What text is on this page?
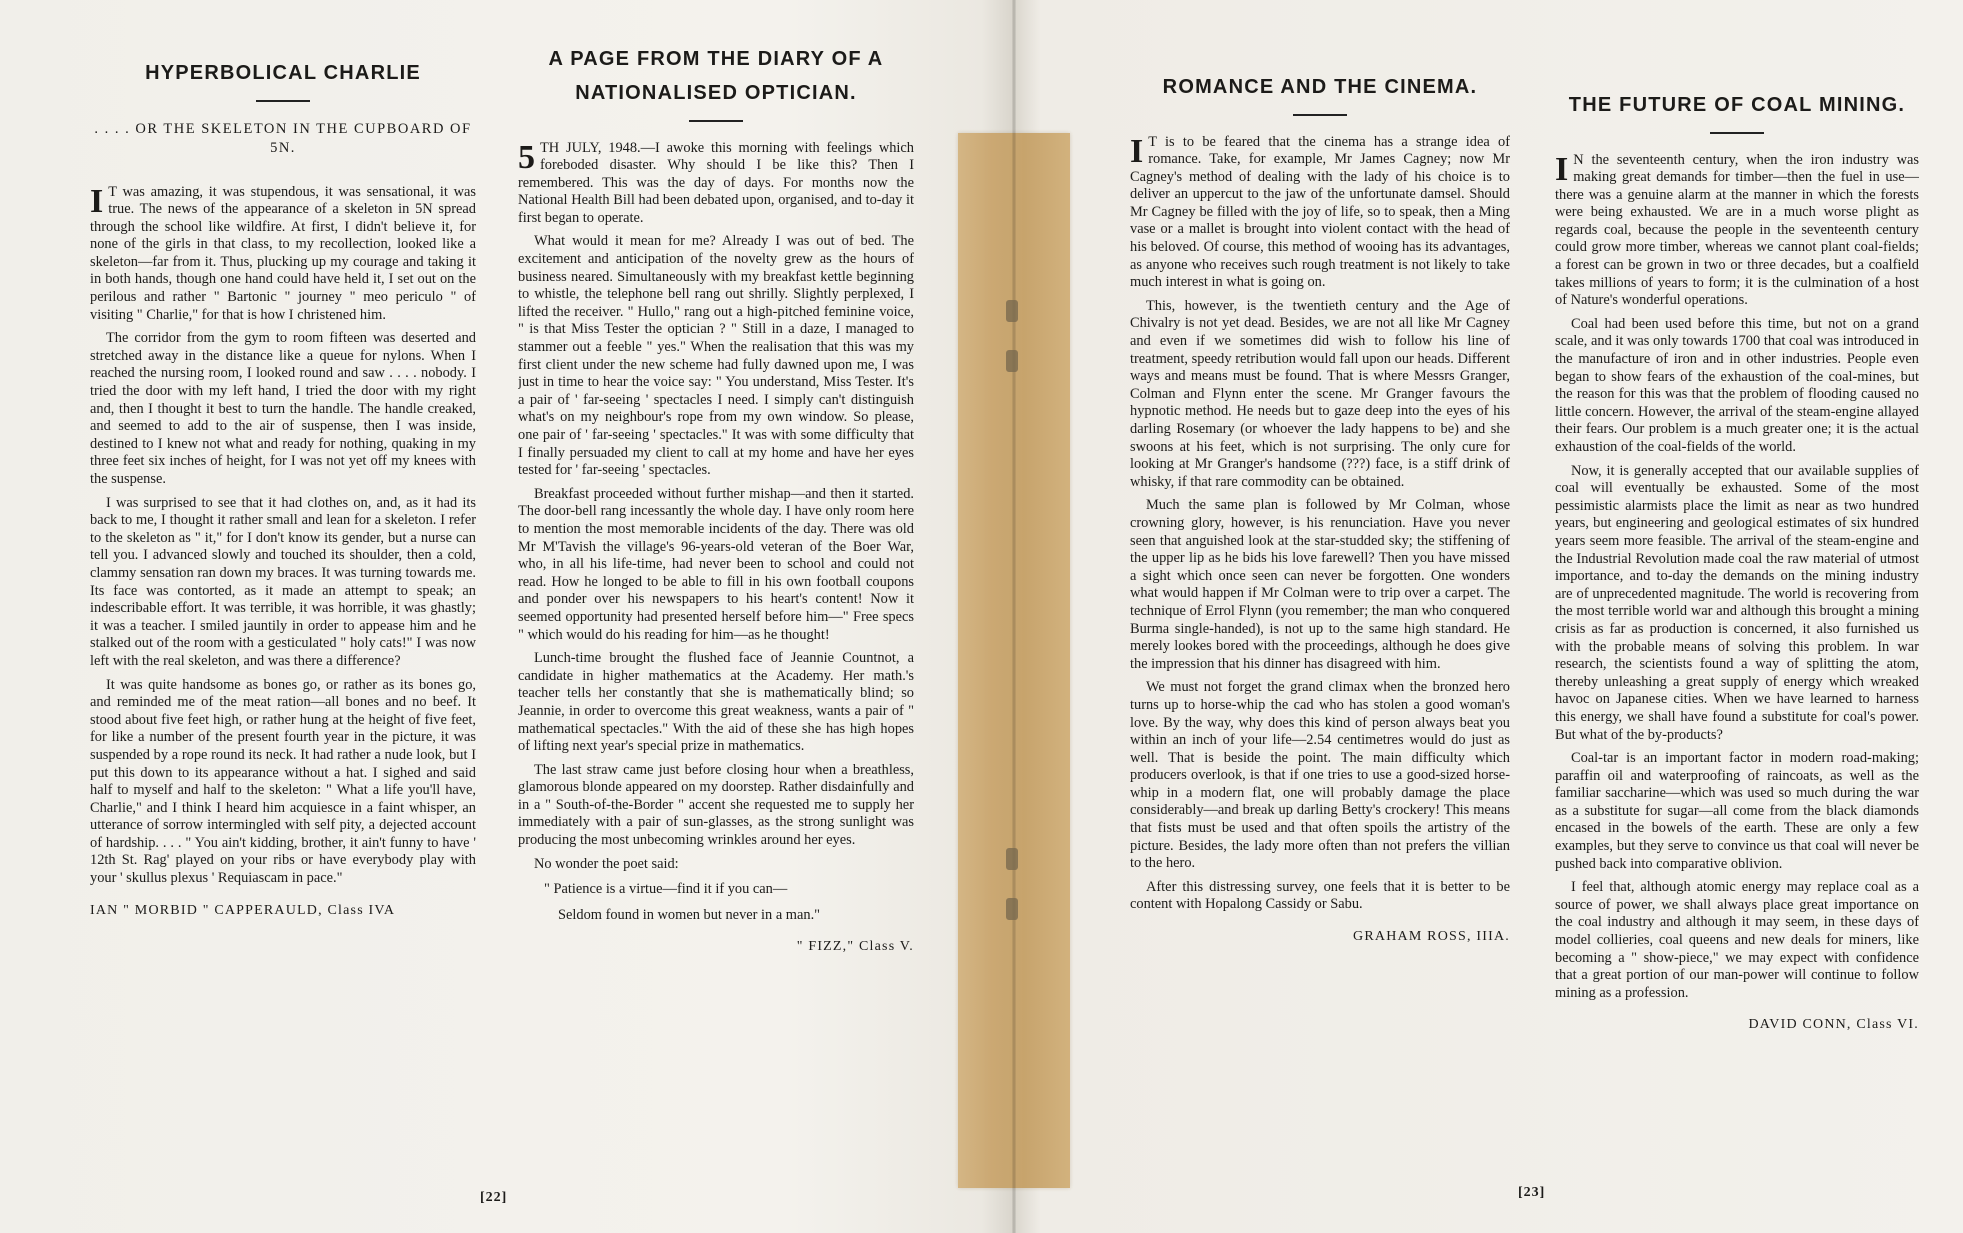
HYPERBOLICAL CHARLIE
. . . . OR THE SKELETON IN THE CUPBOARD OF 5N.

I T was amazing, it was stupendous, it was sensational, it was true. The news of the appearance of a skeleton in 5N spread through the school like wildfire. At first, I didn't believe it, for none of the girls in that class, to my recollection, looked like a skeleton—far from it. Thus, plucking up my courage and taking it in both hands, though one hand could have held it, I set out on the perilous and rather " Bartonic " journey " meo periculo " of visiting " Charlie," for that is how I christened him.

The corridor from the gym to room fifteen was deserted and stretched away in the distance like a queue for nylons. When I reached the nursing room, I looked round and saw . . . . nobody. I tried the door with my left hand, I tried the door with my right and, then I thought it best to turn the handle. The handle creaked, and seemed to add to the air of suspense, then I was inside, destined to I knew not what and ready for nothing, quaking in my three feet six inches of height, for I was not yet off my knees with the suspense.

I was surprised to see that it had clothes on, and, as it had its back to me, I thought it rather small and lean for a skeleton. I refer to the skeleton as " it," for I don't know its gender, but a nurse can tell you. I advanced slowly and touched its shoulder, then a cold, clammy sensation ran down my braces. It was turning towards me. Its face was contorted, as it made an attempt to speak; an indescribable effort. It was terrible, it was horrible, it was ghastly; it was a teacher. I smiled jauntily in order to appease him and he stalked out of the room with a gesticulated " holy cats!" I was now left with the real skeleton, and was there a difference?

It was quite handsome as bones go, or rather as its bones go, and reminded me of the meat ration—all bones and no beef. It stood about five feet high, or rather hung at the height of five feet, for like a number of the present fourth year in the picture, it was suspended by a rope round its neck. It had rather a nude look, but I put this down to its appearance without a hat. I sighed and said half to myself and half to the skeleton: " What a life you'll have, Charlie," and I think I heard him acquiesce in a faint whisper, an utterance of sorrow intermingled with self pity, a dejected account of hardship. . . . " You ain't kidding, brother, it ain't funny to have ' 12th St. Rag' played on your ribs or have everybody play with your ' skullus plexus ' Requiascam in pace."

IAN " MORBID " CAPPERAULD, Class IVA
A PAGE FROM THE DIARY OF A NATIONALISED OPTICIAN.

5 TH JULY, 1948.—I awoke this morning with feelings which foreboded disaster. Why should I be like this? Then I remembered. This was the day of days. For months now the National Health Bill had been debated upon, organised, and to-day it first began to operate.

What would it mean for me? Already I was out of bed. The excitement and anticipation of the novelty grew as the hours of business neared. Simultaneously with my breakfast kettle beginning to whistle, the telephone bell rang out shrilly. Slightly perplexed, I lifted the receiver. " Hullo," rang out a high-pitched feminine voice, " is that Miss Tester the optician ? " Still in a daze, I managed to stammer out a feeble " yes." When the realisation that this was my first client under the new scheme had fully dawned upon me, I was just in time to hear the voice say: " You understand, Miss Tester. It's a pair of ' far-seeing ' spectacles I need. I simply can't distinguish what's on my neighbour's rope from my own window. So please, one pair of ' far-seeing ' spectacles." It was with some difficulty that I finally persuaded my client to call at my home and have her eyes tested for ' far-seeing ' spectacles.

Breakfast proceeded without further mishap—and then it started. The door-bell rang incessantly the whole day. I have only room here to mention the most memorable incidents of the day. There was old Mr M'Tavish the village's 96-years-old veteran of the Boer War, who, in all his life-time, had never been to school and could not read. How he longed to be able to fill in his own football coupons and ponder over his newspapers to his heart's content! Now it seemed opportunity had presented herself before him—" Free specs " which would do his reading for him—as he thought!

Lunch-time brought the flushed face of Jeannie Countnot, a candidate in higher mathematics at the Academy. Her math.'s teacher tells her constantly that she is mathematically blind; so Jeannie, in order to overcome this great weakness, wants a pair of " mathematical spectacles." With the aid of these she has high hopes of lifting next year's special prize in mathematics.

The last straw came just before closing hour when a breathless, glamorous blonde appeared on my doorstep. Rather disdainfully and in a " South-of-the-Border " accent she requested me to supply her immediately with a pair of sun-glasses, as the strong sunlight was producing the most unbecoming wrinkles around her eyes.

No wonder the poet said:

" Patience is a virtue—find it if you can—

Seldom found in women but never in a man."

" FIZZ," Class V.
[22]
ROMANCE AND THE CINEMA.

I T is to be feared that the cinema has a strange idea of romance. Take, for example, Mr James Cagney; now Mr Cagney's method of dealing with the lady of his choice is to deliver an uppercut to the jaw of the unfortunate damsel. Should Mr Cagney be filled with the joy of life, so to speak, then a Ming vase or a mallet is brought into violent contact with the head of his beloved. Of course, this method of wooing has its advantages, as anyone who receives such rough treatment is not likely to take much interest in what is going on.

This, however, is the twentieth century and the Age of Chivalry is not yet dead. Besides, we are not all like Mr Cagney and even if we sometimes did wish to follow his line of treatment, speedy retribution would fall upon our heads. Different ways and means must be found. That is where Messrs Granger, Colman and Flynn enter the scene. Mr Granger favours the hypnotic method. He needs but to gaze deep into the eyes of his darling Rosemary (or whoever the lady happens to be) and she swoons at his feet, which is not surprising. The only cure for looking at Mr Granger's handsome (???) face, is a stiff drink of whisky, if that rare commodity can be obtained.

Much the same plan is followed by Mr Colman, whose crowning glory, however, is his renunciation. Have you never seen that anguished look at the star-studded sky; the stiffening of the upper lip as he bids his love farewell? Then you have missed a sight which once seen can never be forgotten. One wonders what would happen if Mr Colman were to trip over a carpet. The technique of Errol Flynn (you remember; the man who conquered Burma single-handed), is not up to the same high standard. He merely lookes bored with the proceedings, although he does give the impression that his dinner has disagreed with him.

We must not forget the grand climax when the bronzed hero turns up to horse-whip the cad who has stolen a good woman's love. By the way, why does this kind of person always beat you within an inch of your life—2.54 centimetres would do just as well. That is beside the point. The main difficulty which producers overlook, is that if one tries to use a good-sized horse-whip in a modern flat, one will probably damage the place considerably—and break up darling Betty's crockery! This means that fists must be used and that often spoils the artistry of the picture. Besides, the lady more often than not prefers the villian to the hero.

After this distressing survey, one feels that it is better to be content with Hopalong Cassidy or Sabu.

GRAHAM ROSS, IIIA.
THE FUTURE OF COAL MINING.

I N the seventeenth century, when the iron industry was making great demands for timber—then the fuel in use—there was a genuine alarm at the manner in which the forests were being exhausted. We are in a much worse plight as regards coal, because the people in the seventeenth century could grow more timber, whereas we cannot plant coal-fields; a forest can be grown in two or three decades, but a coalfield takes millions of years to form; it is the culmination of a host of Nature's wonderful operations.

Coal had been used before this time, but not on a grand scale, and it was only towards 1700 that coal was introduced in the manufacture of iron and in other industries. People even began to show fears of the exhaustion of the coal-mines, but the reason for this was that the problem of flooding caused no little concern. However, the arrival of the steam-engine allayed their fears. Our problem is a much greater one; it is the actual exhaustion of the coal-fields of the world.

Now, it is generally accepted that our available supplies of coal will eventually be exhausted. Some of the most pessimistic alarmists place the limit as near as two hundred years, but engineering and geological estimates of six hundred years seem more feasible. The arrival of the steam-engine and the Industrial Revolution made coal the raw material of utmost importance, and to-day the demands on the mining industry are of unprecedented magnitude. The world is recovering from the most terrible world war and although this brought a mining crisis as far as production is concerned, it also furnished us with the probable means of solving this problem. In war research, the scientists found a way of splitting the atom, thereby unleashing a great supply of energy which wreaked havoc on Japanese cities. When we have learned to harness this energy, we shall have found a substitute for coal's power. But what of the by-products?

Coal-tar is an important factor in modern road-making; paraffin oil and waterproofing of raincoats, as well as the familiar saccharine—which was used so much during the war as a substitute for sugar—all come from the black diamonds encased in the bowels of the earth. These are only a few examples, but they serve to convince us that coal will never be pushed back into comparative oblivion.

I feel that, although atomic energy may replace coal as a source of power, we shall always place great importance on the coal industry and although it may seem, in these days of model collieries, coal queens and new deals for miners, like becoming a " show-piece," we may expect with confidence that a great portion of our man-power will continue to follow mining as a profession.

DAVID CONN, Class VI.
[23]
